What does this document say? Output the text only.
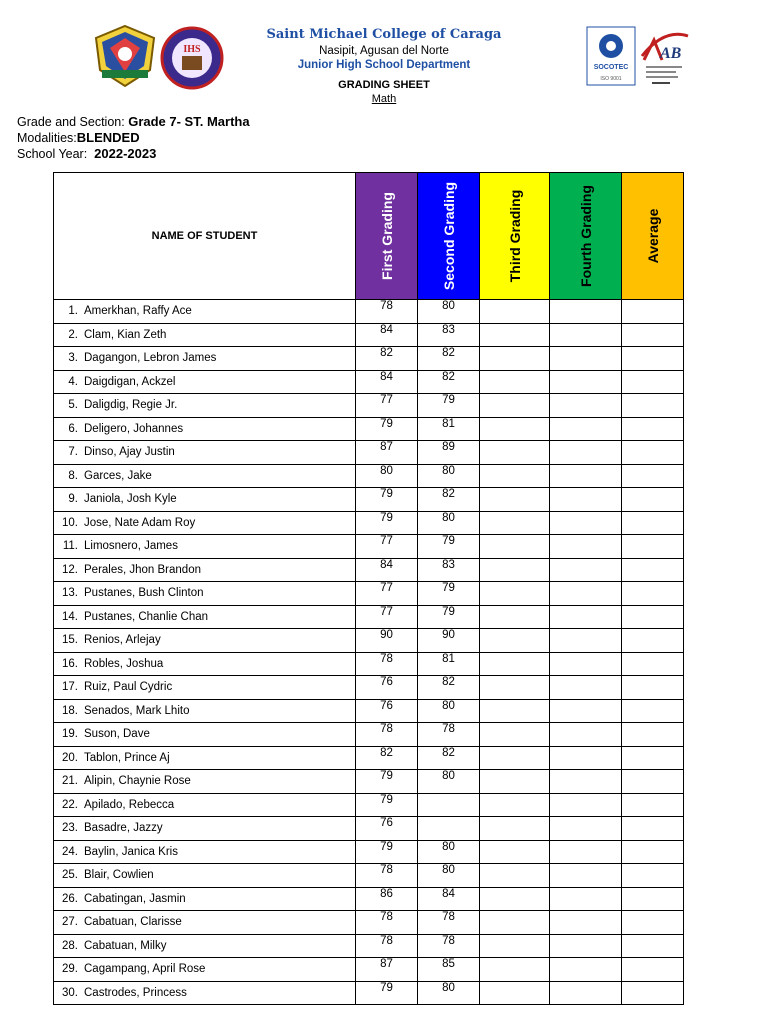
IHS
SOCOTEC
ISO 9001
AB
Saint Michael College of Caraga
Nasipit, Agusan del Norte
Junior High School Department
GRADING SHEET
Math
Grade and Section: Grade 7- ST. Martha
Modalities:BLENDED
School Year: 2022-2023
NAME OF STUDENT	First Grading	Second Grading	Third Grading	Fourth Grading	Average

1. Amerkhan, Raffy Ace	78	80			
2. Clam, Kian Zeth	84	83			
3. Dagangon, Lebron James	82	82			
4. Daigdigan, Ackzel	84	82			
5. Daligdig, Regie Jr.	77	79			
6. Deligero, Johannes	79	81			
7. Dinso, Ajay Justin	87	89			
8. Garces, Jake	80	80			
9. Janiola, Josh Kyle	79	82			
10. Jose, Nate Adam Roy	79	80			
11. Limosnero, James	77	79			
12. Perales, Jhon Brandon	84	83			
13. Pustanes, Bush Clinton	77	79			
14. Pustanes, Chanlie Chan	77	79			
15. Renios, Arlejay	90	90			
16. Robles, Joshua	78	81			
17. Ruiz, Paul Cydric	76	82			
18. Senados, Mark Lhito	76	80			
19. Suson, Dave	78	78			
20. Tablon, Prince Aj	82	82			
21. Alipin, Chaynie Rose	79	80			
22. Apilado, Rebecca	79				
23. Basadre, Jazzy	76				
24. Baylin, Janica Kris	79	80			
25. Blair, Cowlien	78	80			
26. Cabatingan, Jasmin	86	84			
27. Cabatuan, Clarisse	78	78			
28. Cabatuan, Milky	78	78			
29. Cagampang, April Rose	87	85			
30. Castrodes, Princess	79	80			
